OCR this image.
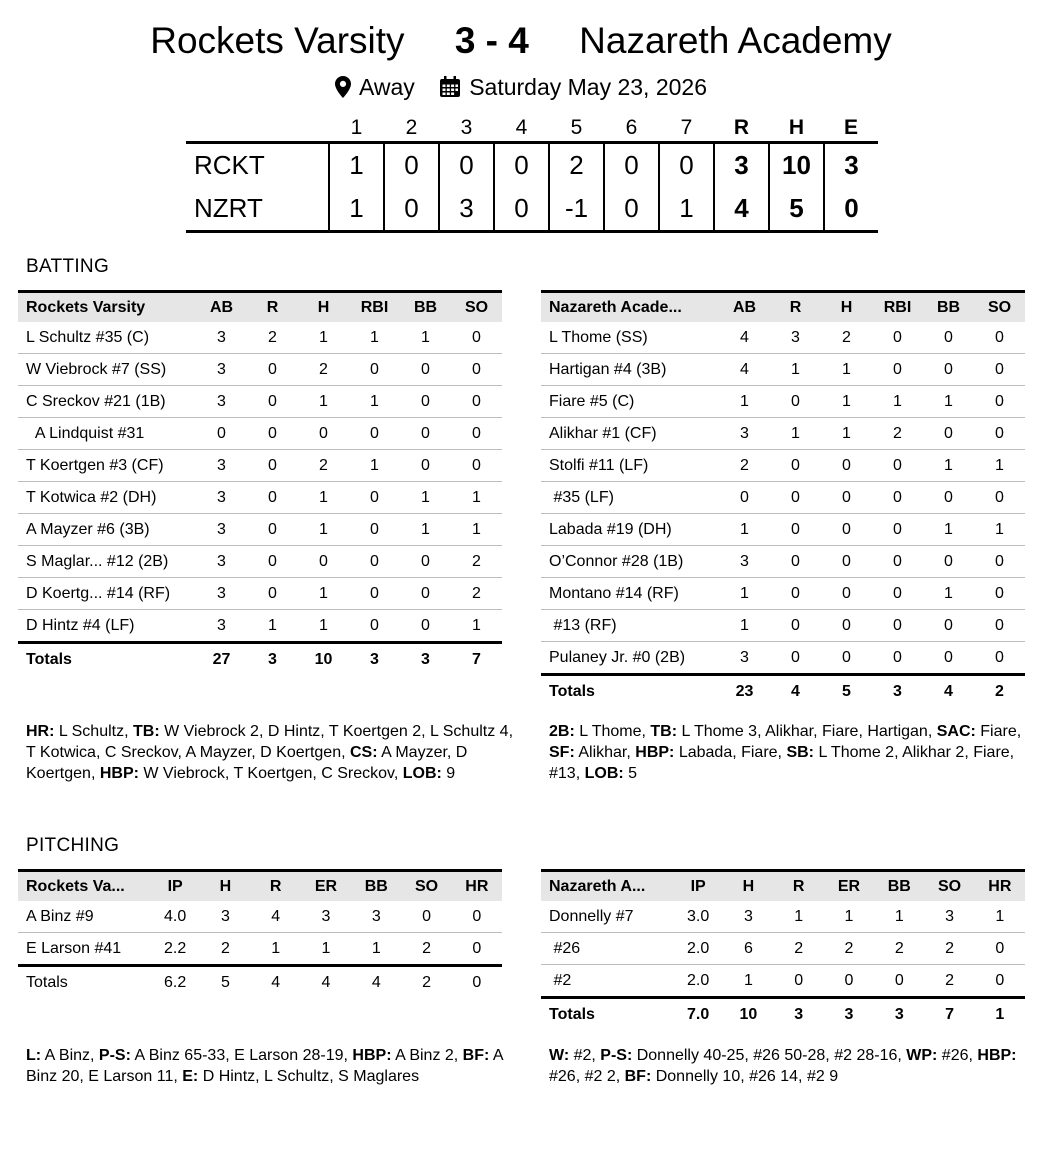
Rockets Varsity 3 - 4 Nazareth Academy
Away Saturday May 23, 2026
	1	2	3	4	5	6	7	R	H	E
RCKT	1	0	0	0	2	0	0	3	10	3
NZRT	1	0	3	0	-1	0	1	4	5	0
BATTING
Rockets Varsity	AB	R	H	RBI	BB	SO
L Schultz #35 (C)	3	2	1	1	1	0
W Viebrock #7 (SS)	3	0	2	0	0	0
C Sreckov #21 (1B)	3	0	1	1	0	0
A Lindquist #31	0	0	0	0	0	0
T Koertgen #3 (CF)	3	0	2	1	0	0
T Kotwica #2 (DH)	3	0	1	0	1	1
A Mayzer #6 (3B)	3	0	1	0	1	1
S Maglar... #12 (2B)	3	0	0	0	0	2
D Koertg... #14 (RF)	3	0	1	0	0	2
D Hintz #4 (LF)	3	1	1	0	0	1
Totals	27	3	10	3	3	7
Nazareth Acade...	AB	R	H	RBI	BB	SO
L Thome (SS)	4	3	2	0	0	0
Hartigan #4 (3B)	4	1	1	0	0	0
Fiare #5 (C)	1	0	1	1	1	0
Alikhar #1 (CF)	3	1	1	2	0	0
Stolfi #11 (LF)	2	0	0	0	1	1
#35 (LF)	0	0	0	0	0	0
Labada #19 (DH)	1	0	0	0	1	1
O’Connor #28 (1B)	3	0	0	0	0	0
Montano #14 (RF)	1	0	0	0	1	0
#13 (RF)	1	0	0	0	0	0
Pulaney Jr. #0 (2B)	3	0	0	0	0	0
Totals	23	4	5	3	4	2
HR: L Schultz, TB: W Viebrock 2, D Hintz, T Koertgen 2, L Schultz 4, T Kotwica, C Sreckov, A Mayzer, D Koertgen, CS: A Mayzer, D Koertgen, HBP: W Viebrock, T Koertgen, C Sreckov, LOB: 9
2B: L Thome, TB: L Thome 3, Alikhar, Fiare, Hartigan, SAC: Fiare, SF: Alikhar, HBP: Labada, Fiare, SB: L Thome 2, Alikhar 2, Fiare, #13, LOB: 5
PITCHING
Rockets Va...	IP	H	R	ER	BB	SO	HR
A Binz #9	4.0	3	4	3	3	0	0
E Larson #41	2.2	2	1	1	1	2	0
Totals	6.2	5	4	4	4	2	0
Nazareth A...	IP	H	R	ER	BB	SO	HR
Donnelly #7	3.0	3	1	1	1	3	1
#26	2.0	6	2	2	2	2	0
#2	2.0	1	0	0	0	2	0
Totals	7.0	10	3	3	3	7	1
L: A Binz, P-S: A Binz 65-33, E Larson 28-19, HBP: A Binz 2, BF: A Binz 20, E Larson 11, E: D Hintz, L Schultz, S Maglares
W: #2, P-S: Donnelly 40-25, #26 50-28, #2 28-16, WP: #26, HBP: #26, #2 2, BF: Donnelly 10, #26 14, #2 9
